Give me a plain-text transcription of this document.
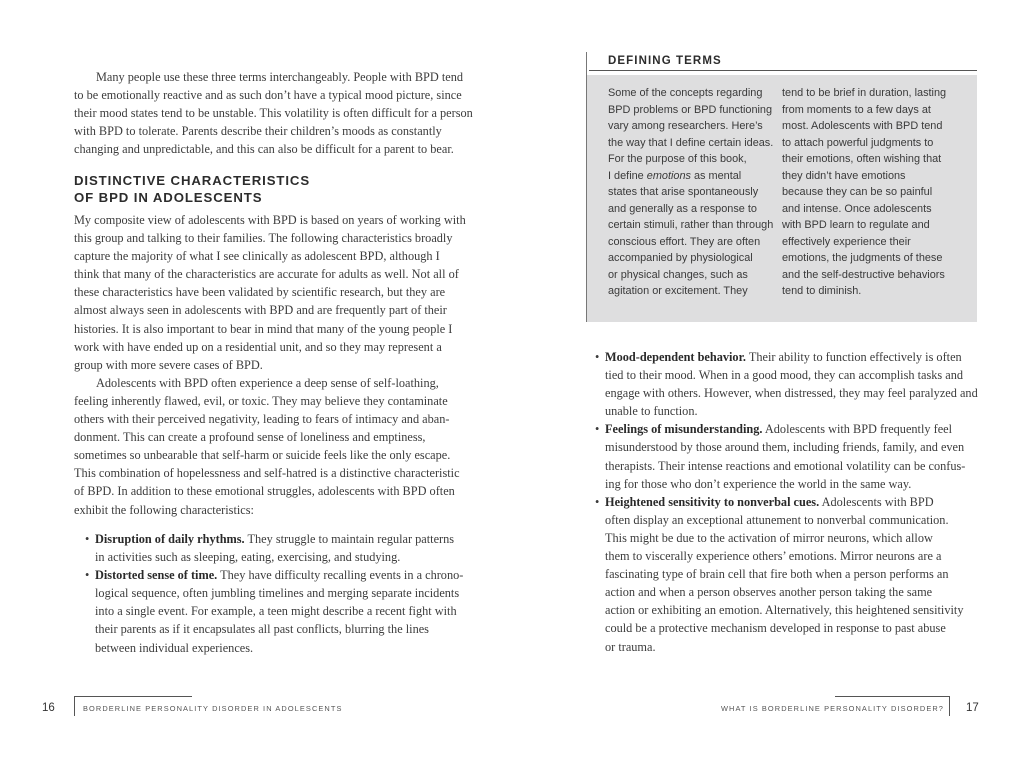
Many people use these three terms interchangeably. People with BPD tend
to be emotionally reactive and as such don’t have a typical mood picture, since
their mood states tend to be unstable. This volatility is often difficult for a person
with BPD to tolerate. Parents describe their children’s moods as constantly
changing and unpredictable, and this can also be difficult for a parent to bear.
DISTINCTIVE CHARACTERISTICS
OF BPD IN ADOLESCENTS
My composite view of adolescents with BPD is based on years of working with
this group and talking to their families. The following characteristics broadly
capture the majority of what I see clinically as adolescent BPD, although I
think that many of the characteristics are accurate for adults as well. Not all of
these characteristics have been validated by scientific research, but they are
almost always seen in adolescents with BPD and are frequently part of their
histories. It is also important to bear in mind that many of the young people I
work with have ended up on a residential unit, and so they may represent a
group with more severe cases of BPD.
Adolescents with BPD often experience a deep sense of self-loathing,
feeling inherently flawed, evil, or toxic. They may believe they contaminate
others with their perceived negativity, leading to fears of intimacy and aban-
donment. This can create a profound sense of loneliness and emptiness,
sometimes so unbearable that self-harm or suicide feels like the only escape.
This combination of hopelessness and self-hatred is a distinctive characteristic
of BPD. In addition to these emotional struggles, adolescents with BPD often
exhibit the following characteristics:
• Disruption of daily rhythms. They struggle to maintain regular patterns
in activities such as sleeping, eating, exercising, and studying.
• Distorted sense of time. They have difficulty recalling events in a chrono-
logical sequence, often jumbling timelines and merging separate incidents
into a single event. For example, a teen might describe a recent fight with
their parents as if it encapsulates all past conflicts, blurring the lines
between individual experiences.
DEFINING TERMS
Some of the concepts regarding
BPD problems or BPD functioning
vary among researchers. Here’s
the way that I define certain ideas.
For the purpose of this book,
I define emotions as mental
states that arise spontaneously
and generally as a response to
certain stimuli, rather than through
conscious effort. They are often
accompanied by physiological
or physical changes, such as
agitation or excitement. They
tend to be brief in duration, lasting
from moments to a few days at
most. Adolescents with BPD tend
to attach powerful judgments to
their emotions, often wishing that
they didn’t have emotions
because they can be so painful
and intense. Once adolescents
with BPD learn to regulate and
effectively experience their
emotions, the judgments of these
and the self-destructive behaviors
tend to diminish.
• Mood-dependent behavior. Their ability to function effectively is often
tied to their mood. When in a good mood, they can accomplish tasks and
engage with others. However, when distressed, they may feel paralyzed and
unable to function.
• Feelings of misunderstanding. Adolescents with BPD frequently feel
misunderstood by those around them, including friends, family, and even
therapists. Their intense reactions and emotional volatility can be confus-
ing for those who don’t experience the world in the same way.
• Heightened sensitivity to nonverbal cues. Adolescents with BPD
often display an exceptional attunement to nonverbal communication.
This might be due to the activation of mirror neurons, which allow
them to viscerally experience others’ emotions. Mirror neurons are a
fascinating type of brain cell that fire both when a person performs an
action and when a person observes another person taking the same
action or exhibiting an emotion. Alternatively, this heightened sensitivity
could be a protective mechanism developed in response to past abuse
or trauma.
16	BORDERLINE PERSONALITY DISORDER IN ADOLESCENTS	WHAT IS BORDERLINE PERSONALITY DISORDER? 17
